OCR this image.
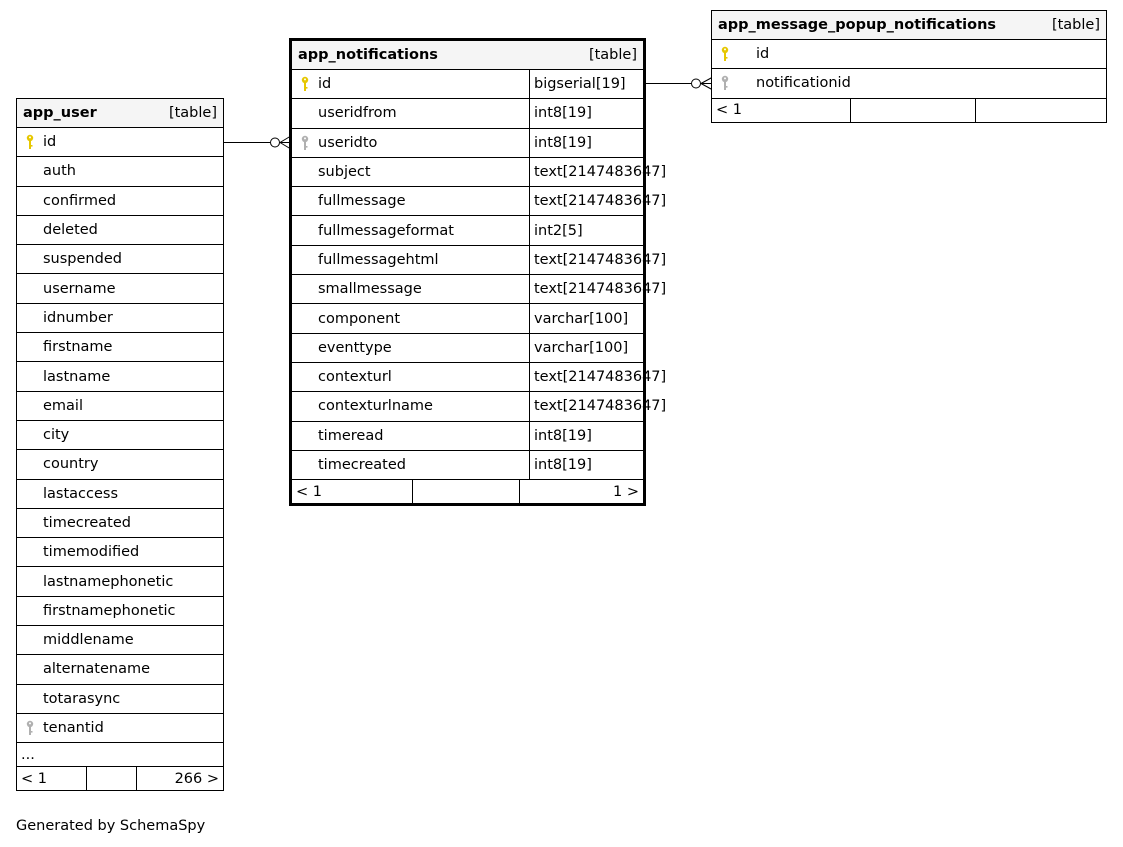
app_user	[table]
id
auth
confirmed
deleted
suspended
username
idnumber
firstname
lastname
email
city
country
lastaccess
timecreated
timemodified
lastnamephonetic
firstnamephonetic
middlename
alternatename
totarasync
tenantid
...
< 1	266 >
app_notifications	[table]
id	bigserial[19]
useridfrom	int8[19]
useridto	int8[19]
subject	text[2147483647]
fullmessage	text[2147483647]
fullmessageformat	int2[5]
fullmessagehtml	text[2147483647]
smallmessage	text[2147483647]
component	varchar[100]
eventtype	varchar[100]
contexturl	text[2147483647]
contexturlname	text[2147483647]
timeread	int8[19]
timecreated	int8[19]
< 1	1 >
app_message_popup_notifications	[table]
id
notificationid
< 1
Generated by SchemaSpy
